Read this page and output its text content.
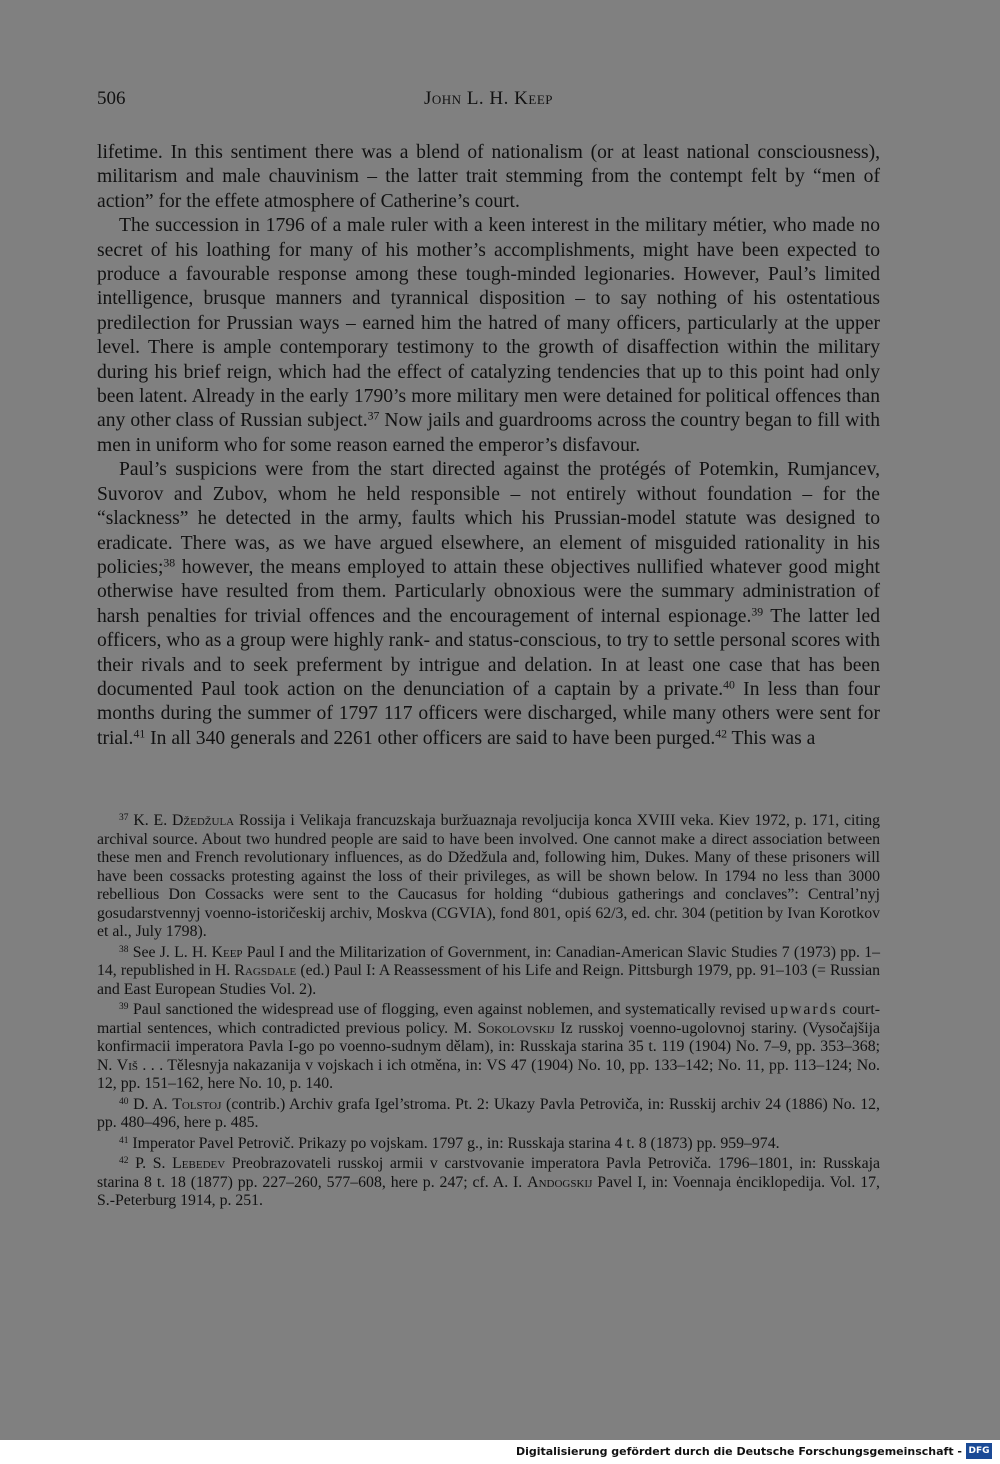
506	John L. H. Keep

lifetime. In this sentiment there was a blend of nationalism (or at least national consciousness), militarism and male chauvinism – the latter trait stemming from the contempt felt by “men of action” for the effete atmosphere of Catherine’s court.

The succession in 1796 of a male ruler with a keen interest in the military métier, who made no secret of his loathing for many of his mother’s accomplishments, might have been expected to produce a favourable response among these tough-minded legionaries. However, Paul’s limited intelligence, brusque manners and tyrannical disposition – to say nothing of his ostentatious predilection for Prussian ways – earned him the hatred of many officers, particularly at the upper level. There is ample contemporary testimony to the growth of disaffection within the military during his brief reign, which had the effect of catalyzing tendencies that up to this point had only been latent. Already in the early 1790’s more military men were detained for political offences than any other class of Russian subject.$^{37}$ Now jails and guardrooms across the country began to fill with men in uniform who for some reason earned the emperor’s disfavour.

Paul’s suspicions were from the start directed against the protégés of Potemkin, Rumjancev, Suvorov and Zubov, whom he held responsible – not entirely without foundation – for the “slackness” he detected in the army, faults which his Prussian-model statute was designed to eradicate. There was, as we have argued elsewhere, an element of misguided rationality in his policies;$^{38}$ however, the means employed to attain these objectives nullified whatever good might otherwise have resulted from them. Particularly obnoxious were the summary administration of harsh penalties for trivial offences and the encouragement of internal espionage.$^{39}$ The latter led officers, who as a group were highly rank- and status-conscious, to try to settle personal scores with their rivals and to seek preferment by intrigue and delation. In at least one case that has been documented Paul took action on the denunciation of a captain by a private.$^{40}$ In less than four months during the summer of 1797 117 officers were discharged, while many others were sent for trial.$^{41}$ In all 340 generals and 2261 other officers are said to have been purged.$^{42}$ This was a

$^{37}$ K. E. Džedžula Rossija i Velikaja francuzskaja buržuaznaja revoljucija konca XVIII veka. Kiev 1972, p. 171, citing archival source. About two hundred people are said to have been involved. One cannot make a direct association between these men and French revolutionary influences, as do Džedžula and, following him, Dukes. Many of these prisoners will have been cossacks protesting against the loss of their privileges, as will be shown below. In 1794 no less than 3000 rebellious Don Cossacks were sent to the Caucasus for holding “dubious gatherings and conclaves”: Central’nyj gosudarstvennyj voenno-istoričeskij archiv, Moskva (CGVIA), fond 801, opiś 62/3, ed. chr. 304 (petition by Ivan Korotkov et al., July 1798).

$^{38}$ See J. L. H. Keep Paul I and the Militarization of Government, in: Canadian-American Slavic Studies 7 (1973) pp. 1–14, republished in H. Ragsdale (ed.) Paul I: A Reassessment of his Life and Reign. Pittsburgh 1979, pp. 91–103 (= Russian and East European Studies Vol. 2).

$^{39}$ Paul sanctioned the widespread use of flogging, even against noblemen, and systematically revised upwards court-martial sentences, which contradicted previous policy. M. Sokolovskij Iz russkoj voenno-ugolovnoj stariny. (Vysočajšija konfirmacii imperatora Pavla I-go po voenno-sudnym dělam), in: Russkaja starina 35 t. 119 (1904) No. 7–9, pp. 353–368; N. Viš . . . Tělesnyja nakazanija v vojskach i ich otměna, in: VS 47 (1904) No. 10, pp. 133–142; No. 11, pp. 113–124; No. 12, pp. 151–162, here No. 10, p. 140.

$^{40}$ D. A. Tolstoj (contrib.) Archiv grafa Igel’stroma. Pt. 2: Ukazy Pavla Petroviča, in: Russkij archiv 24 (1886) No. 12, pp. 480–496, here p. 485.

$^{41}$ Imperator Pavel Petrovič. Prikazy po vojskam. 1797 g., in: Russkaja starina 4 t. 8 (1873) pp. 959–974.

$^{42}$ P. S. Lebedev Preobrazovateli russkoj armii v carstvovanie imperatora Pavla Petroviča. 1796–1801, in: Russkaja starina 8 t. 18 (1877) pp. 227–260, 577–608, here p. 247; cf. A. I. Andogskij Pavel I, in: Voennaja ėnciklopedija. Vol. 17, S.-Peterburg 1914, p. 251.

Digitalisierung gefördert durch die Deutsche Forschungsgemeinschaft - DFG
